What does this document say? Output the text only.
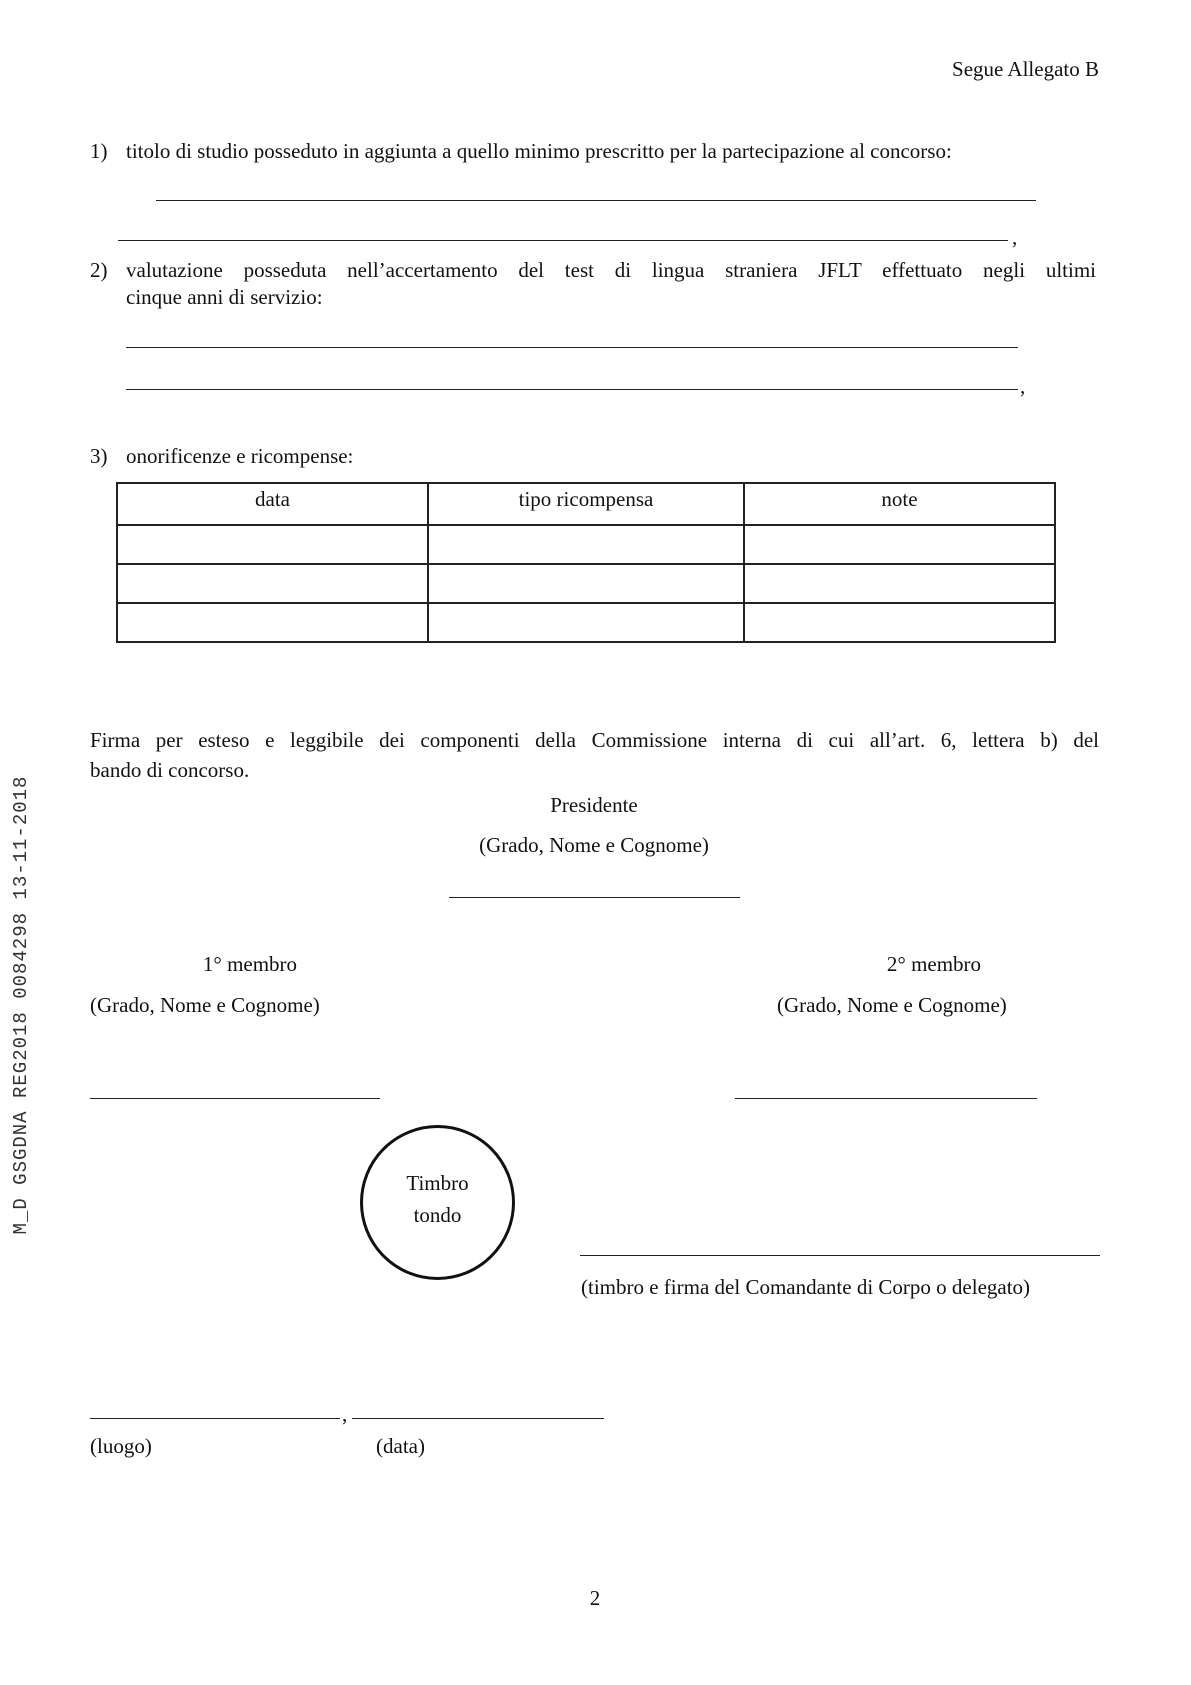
M_D GSGDNA REG2018 0084298 13-11-2018
Segue Allegato B
1) titolo di studio posseduto in aggiunta a quello minimo prescritto per la partecipazione al concorso:
,
2) valutazione posseduta nell’accertamento del test di lingua straniera JFLT effettuato negli ultimi
cinque anni di servizio:
,
3) onorificenze e ricompense:
data	tipo ricompensa	note

Firma per esteso e leggibile dei componenti della Commissione interna di cui all’art. 6, lettera b) del
bando di concorso.
Presidente
(Grado, Nome e Cognome)
1° membro
(Grado, Nome e Cognome)
2° membro
(Grado, Nome e Cognome)
Timbro
tondo
(timbro e firma del Comandante di Corpo o delegato)
,
(luogo)	(data)
2
